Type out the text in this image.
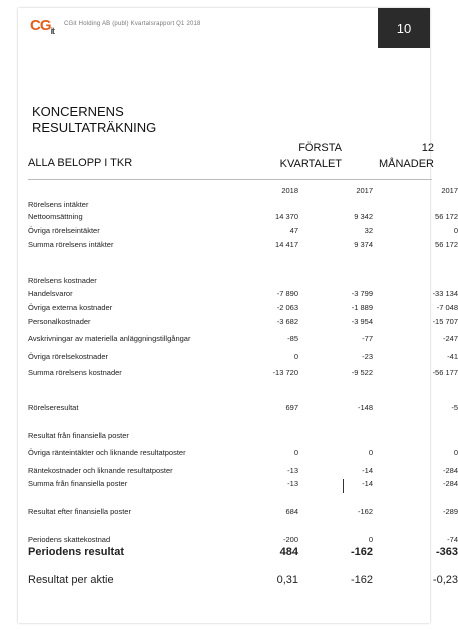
$CG_{it}$
CGit Holding AB (publ) Kvartalsrapport Q1 2018	10
KONCERNENS
RESULTATRÄKNING
ALLA BELOPP I TKR
FÖRSTA
KVARTALET
12
MÅNADER
2018	2017	2017
Rörelsens intäkter
Nettoomsättning	14 370	9 342	56 172
Övriga rörelseintäkter	47	32	0
Summa rörelsens intäkter	14 417	9 374	56 172
Rörelsens kostnader
Handelsvaror	-7 890	-3 799	-33 134
Övriga externa kostnader	-2 063	-1 889	-7 048
Personalkostnader	-3 682	-3 954	-15 707
Avskrivningar av materiella anläggningstillgångar	-85	-77	-247
Övriga rörelsekostnader	0	-23	-41
Summa rörelsens kostnader	-13 720	-9 522	-56 177
Rörelseresultat	697	-148	-5
Resultat från finansiella poster
Övriga ränteintäkter och liknande resultatposter	0	0	0
Räntekostnader och liknande resultatposter	-13	-14	-284
Summa från finansiella poster	-13	-14	-284
Resultat efter finansiella poster	684	-162	-289
Periodens skattekostnad	-200	0	-74
Periodens resultat	484	-162	-363
Resultat per aktie	0,31	-162	-0,23
